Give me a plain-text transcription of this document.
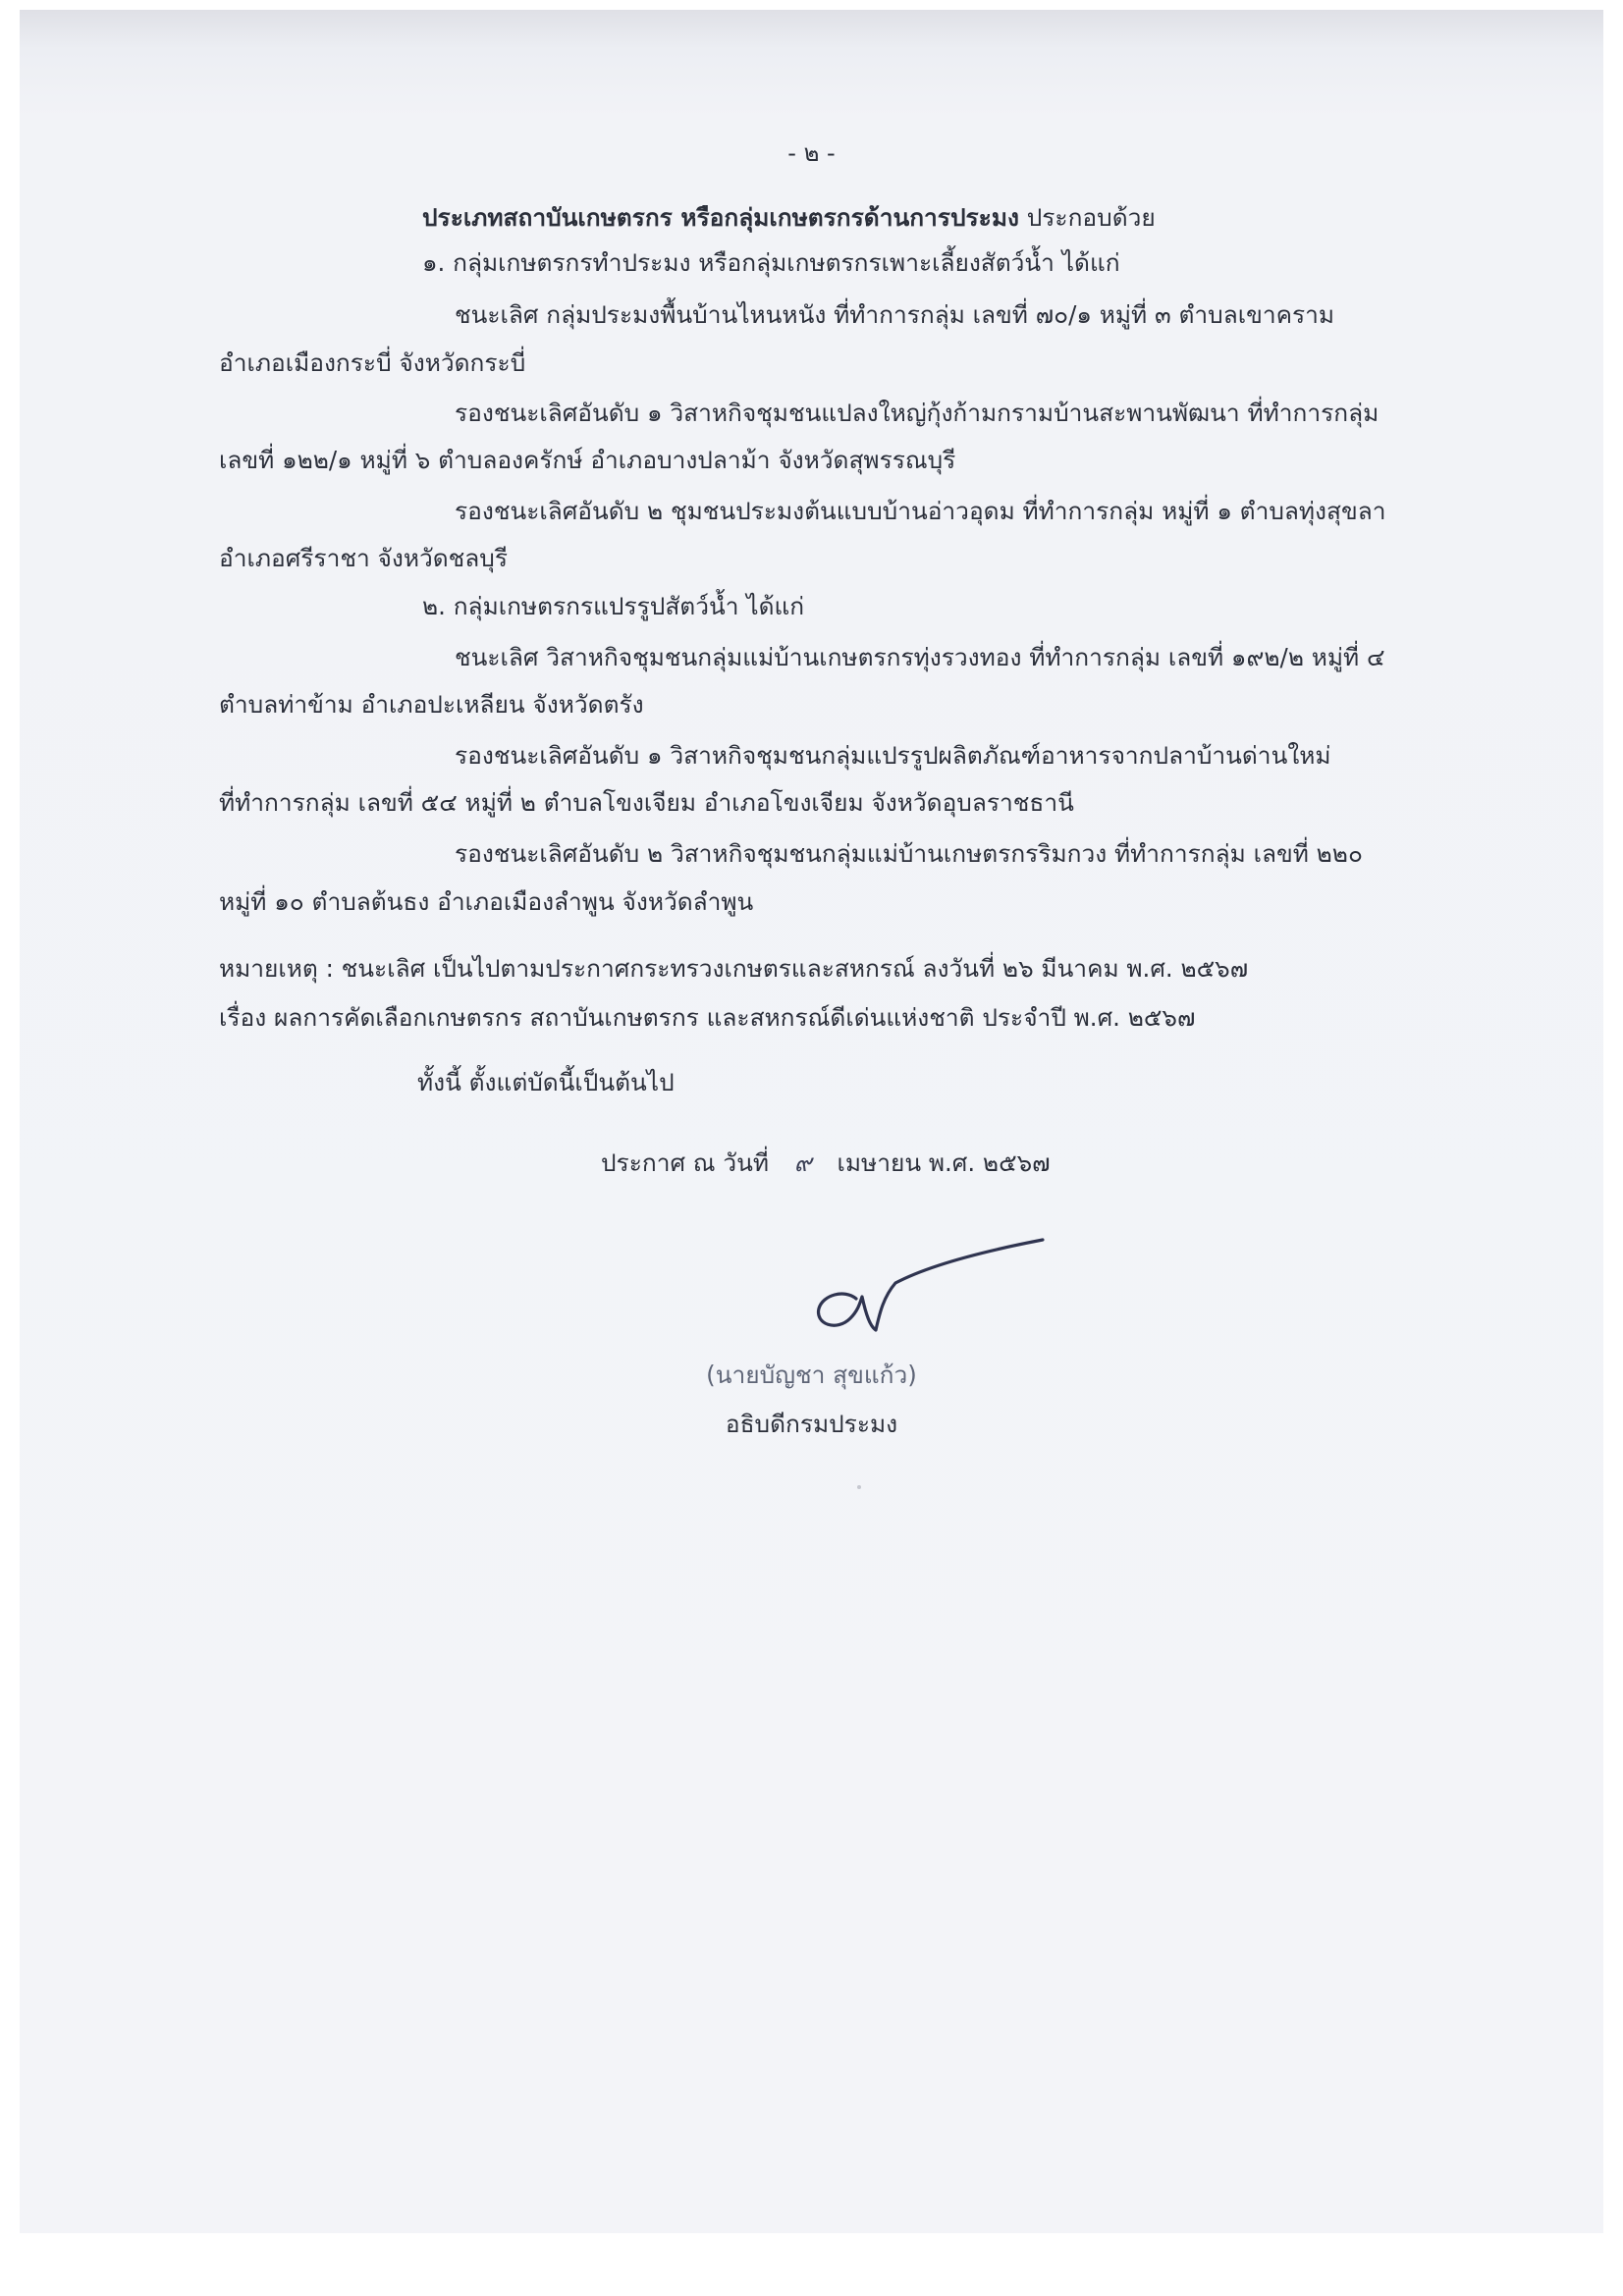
- ๒ -
ประเภทสถาบันเกษตรกร หรือกลุ่มเกษตรกรด้านการประมง ประกอบด้วย
๑. กลุ่มเกษตรกรทำประมง หรือกลุ่มเกษตรกรเพาะเลี้ยงสัตว์น้ำ ได้แก่
ชนะเลิศ กลุ่มประมงพื้นบ้านไหนหนัง ที่ทำการกลุ่ม เลขที่ ๗๐/๑ หมู่ที่ ๓ ตำบลเขาคราม
อำเภอเมืองกระบี่ จังหวัดกระบี่
รองชนะเลิศอันดับ ๑ วิสาหกิจชุมชนแปลงใหญ่กุ้งก้ามกรามบ้านสะพานพัฒนา ที่ทำการกลุ่ม
เลขที่ ๑๒๒/๑ หมู่ที่ ๖ ตำบลองครักษ์ อำเภอบางปลาม้า จังหวัดสุพรรณบุรี
รองชนะเลิศอันดับ ๒ ชุมชนประมงต้นแบบบ้านอ่าวอุดม ที่ทำการกลุ่ม หมู่ที่ ๑ ตำบลทุ่งสุขลา
อำเภอศรีราชา จังหวัดชลบุรี
๒. กลุ่มเกษตรกรแปรรูปสัตว์น้ำ ได้แก่
ชนะเลิศ วิสาหกิจชุมชนกลุ่มแม่บ้านเกษตรกรทุ่งรวงทอง ที่ทำการกลุ่ม เลขที่ ๑๙๒/๒ หมู่ที่ ๔
ตำบลท่าข้าม อำเภอปะเหลียน จังหวัดตรัง
รองชนะเลิศอันดับ ๑ วิสาหกิจชุมชนกลุ่มแปรรูปผลิตภัณฑ์อาหารจากปลาบ้านด่านใหม่
ที่ทำการกลุ่ม เลขที่ ๕๔ หมู่ที่ ๒ ตำบลโขงเจียม อำเภอโขงเจียม จังหวัดอุบลราชธานี
รองชนะเลิศอันดับ ๒ วิสาหกิจชุมชนกลุ่มแม่บ้านเกษตรกรริมกวง ที่ทำการกลุ่ม เลขที่ ๒๒๐
หมู่ที่ ๑๐ ตำบลต้นธง อำเภอเมืองลำพูน จังหวัดลำพูน
หมายเหตุ : ชนะเลิศ เป็นไปตามประกาศกระทรวงเกษตรและสหกรณ์ ลงวันที่ ๒๖ มีนาคม พ.ศ. ๒๕๖๗
เรื่อง ผลการคัดเลือกเกษตรกร สถาบันเกษตรกร และสหกรณ์ดีเด่นแห่งชาติ ประจำปี พ.ศ. ๒๕๖๗
ทั้งนี้ ตั้งแต่บัดนี้เป็นต้นไป
ประกาศ ณ วันที่ ๙ เมษายน พ.ศ. ๒๕๖๗
(นายบัญชา สุขแก้ว)
อธิบดีกรมประมง
